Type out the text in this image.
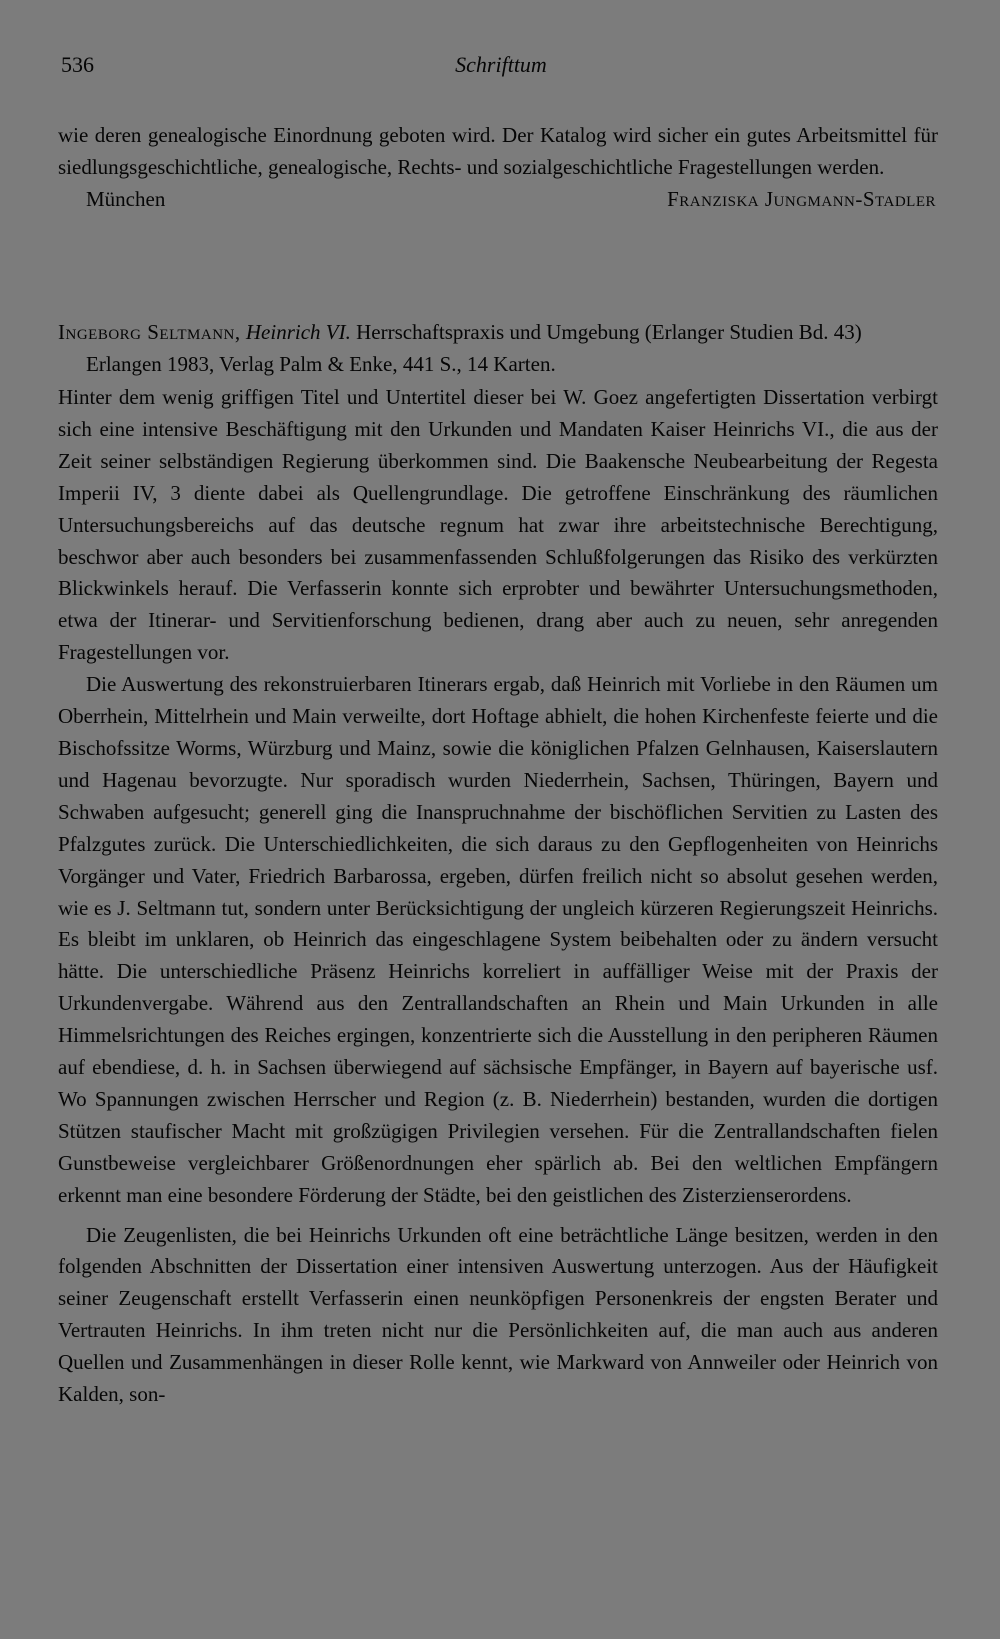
536	Schrifttum

wie deren genealogische Einordnung geboten wird. Der Katalog wird sicher ein gutes Arbeitsmittel für siedlungsgeschichtliche, genealogische, Rechts- und sozialgeschichtliche Fragestellungen werden.

München	Franziska Jungmann-Stadler

Ingeborg Seltmann, Heinrich VI. Herrschaftspraxis und Umgebung (Erlanger Studien Bd. 43) Erlangen 1983, Verlag Palm & Enke, 441 S., 14 Karten.

Hinter dem wenig griffigen Titel und Untertitel dieser bei W. Goez angefertigten Dissertation verbirgt sich eine intensive Beschäftigung mit den Urkunden und Mandaten Kaiser Heinrichs VI., die aus der Zeit seiner selbständigen Regierung überkommen sind. Die Baakensche Neubearbeitung der Regesta Imperii IV, 3 diente dabei als Quellengrundlage. Die getroffene Einschränkung des räumlichen Untersuchungsbereichs auf das deutsche regnum hat zwar ihre arbeitstechnische Berechtigung, beschwor aber auch besonders bei zusammenfassenden Schlußfolgerungen das Risiko des verkürzten Blickwinkels herauf. Die Verfasserin konnte sich erprobter und bewährter Untersuchungsmethoden, etwa der Itinerar- und Servitienforschung bedienen, drang aber auch zu neuen, sehr anregenden Fragestellungen vor.

Die Auswertung des rekonstruierbaren Itinerars ergab, daß Heinrich mit Vorliebe in den Räumen um Oberrhein, Mittelrhein und Main verweilte, dort Hoftage abhielt, die hohen Kirchenfeste feierte und die Bischofssitze Worms, Würzburg und Mainz, sowie die königlichen Pfalzen Gelnhausen, Kaiserslautern und Hagenau bevorzugte. Nur sporadisch wurden Niederrhein, Sachsen, Thüringen, Bayern und Schwaben aufgesucht; generell ging die Inanspruchnahme der bischöflichen Servitien zu Lasten des Pfalzgutes zurück. Die Unterschiedlichkeiten, die sich daraus zu den Gepflogenheiten von Heinrichs Vorgänger und Vater, Friedrich Barbarossa, ergeben, dürfen freilich nicht so absolut gesehen werden, wie es J. Seltmann tut, sondern unter Berücksichtigung der ungleich kürzeren Regierungszeit Heinrichs. Es bleibt im unklaren, ob Heinrich das eingeschlagene System beibehalten oder zu ändern versucht hätte. Die unterschiedliche Präsenz Heinrichs korreliert in auffälliger Weise mit der Praxis der Urkundenvergabe. Während aus den Zentrallandschaften an Rhein und Main Urkunden in alle Himmelsrichtungen des Reiches ergingen, konzentrierte sich die Ausstellung in den peripheren Räumen auf ebendiese, d. h. in Sachsen überwiegend auf sächsische Empfänger, in Bayern auf bayerische usf. Wo Spannungen zwischen Herrscher und Region (z. B. Niederrhein) bestanden, wurden die dortigen Stützen staufischer Macht mit großzügigen Privilegien versehen. Für die Zentrallandschaften fielen Gunstbeweise vergleichbarer Größenordnungen eher spärlich ab. Bei den weltlichen Empfängern erkennt man eine besondere Förderung der Städte, bei den geistlichen des Zisterzienserordens.

Die Zeugenlisten, die bei Heinrichs Urkunden oft eine beträchtliche Länge besitzen, werden in den folgenden Abschnitten der Dissertation einer intensiven Auswertung unterzogen. Aus der Häufigkeit seiner Zeugenschaft erstellt Verfasserin einen neunköpfigen Personenkreis der engsten Berater und Vertrauten Heinrichs. In ihm treten nicht nur die Persönlichkeiten auf, die man auch aus anderen Quellen und Zusammenhängen in dieser Rolle kennt, wie Markward von Annweiler oder Heinrich von Kalden, son-
